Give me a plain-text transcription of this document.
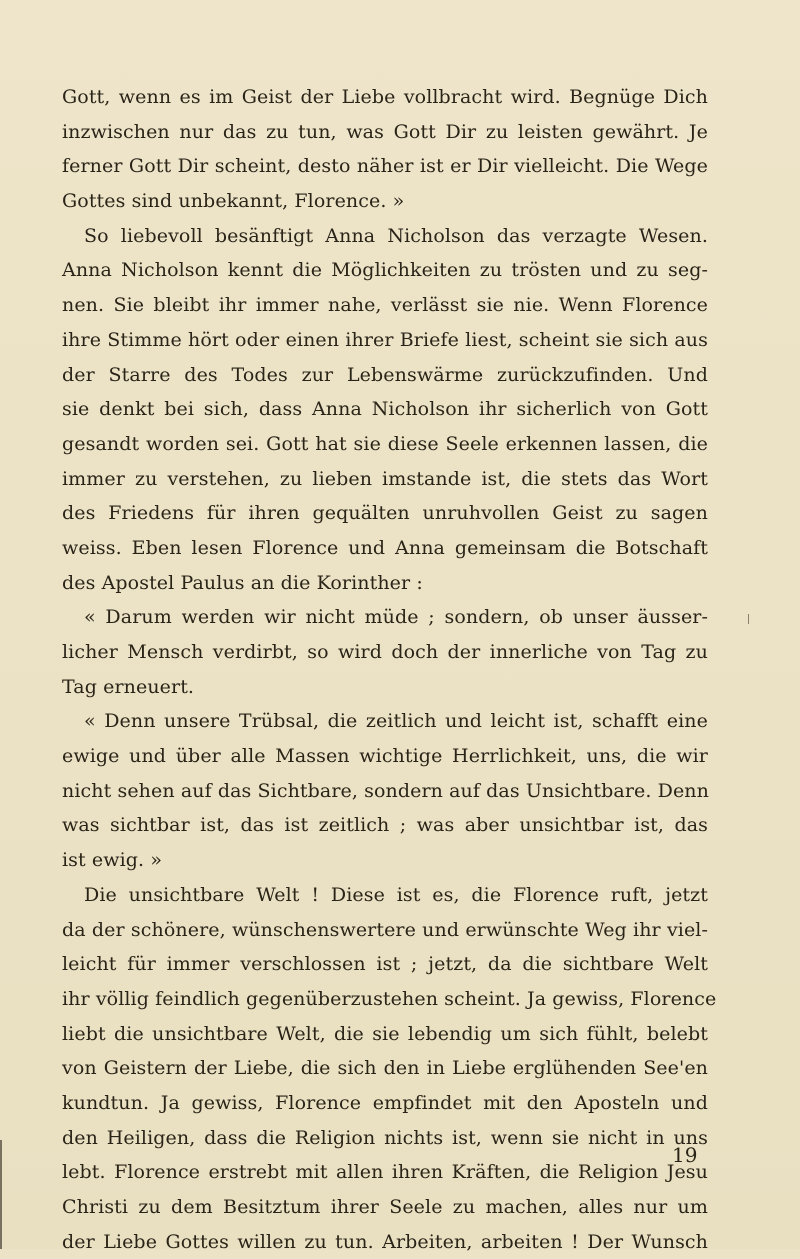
Gott, wenn es im Geist der Liebe vollbracht wird. Begnüge Dich
inzwischen nur das zu tun, was Gott Dir zu leisten gewährt. Je
ferner Gott Dir scheint, desto näher ist er Dir vielleicht. Die Wege
Gottes sind unbekannt, Florence. »
So liebevoll besänftigt Anna Nicholson das verzagte Wesen.
Anna Nicholson kennt die Möglichkeiten zu trösten und zu seg-
nen. Sie bleibt ihr immer nahe, verlässt sie nie. Wenn Florence
ihre Stimme hört oder einen ihrer Briefe liest, scheint sie sich aus
der Starre des Todes zur Lebenswärme zurückzufinden. Und
sie denkt bei sich, dass Anna Nicholson ihr sicherlich von Gott
gesandt worden sei. Gott hat sie diese Seele erkennen lassen, die
immer zu verstehen, zu lieben imstande ist, die stets das Wort
des Friedens für ihren gequälten unruhvollen Geist zu sagen
weiss. Eben lesen Florence und Anna gemeinsam die Botschaft
des Apostel Paulus an die Korinther :
« Darum werden wir nicht müde ; sondern, ob unser äusser-
licher Mensch verdirbt, so wird doch der innerliche von Tag zu
Tag erneuert.
« Denn unsere Trübsal, die zeitlich und leicht ist, schafft eine
ewige und über alle Massen wichtige Herrlichkeit, uns, die wir
nicht sehen auf das Sichtbare, sondern auf das Unsichtbare. Denn
was sichtbar ist, das ist zeitlich ; was aber unsichtbar ist, das
ist ewig. »
Die unsichtbare Welt ! Diese ist es, die Florence ruft, jetzt
da der schönere, wünschenswertere und erwünschte Weg ihr viel-
leicht für immer verschlossen ist ; jetzt, da die sichtbare Welt
ihr völlig feindlich gegenüberzustehen scheint. Ja gewiss, Florence
liebt die unsichtbare Welt, die sie lebendig um sich fühlt, belebt
von Geistern der Liebe, die sich den in Liebe erglühenden See'en
kundtun. Ja gewiss, Florence empfindet mit den Aposteln und
den Heiligen, dass die Religion nichts ist, wenn sie nicht in uns
lebt. Florence erstrebt mit allen ihren Kräften, die Religion Jesu
Christi zu dem Besitztum ihrer Seele zu machen, alles nur um
der Liebe Gottes willen zu tun. Arbeiten, arbeiten ! Der Wunsch
19
